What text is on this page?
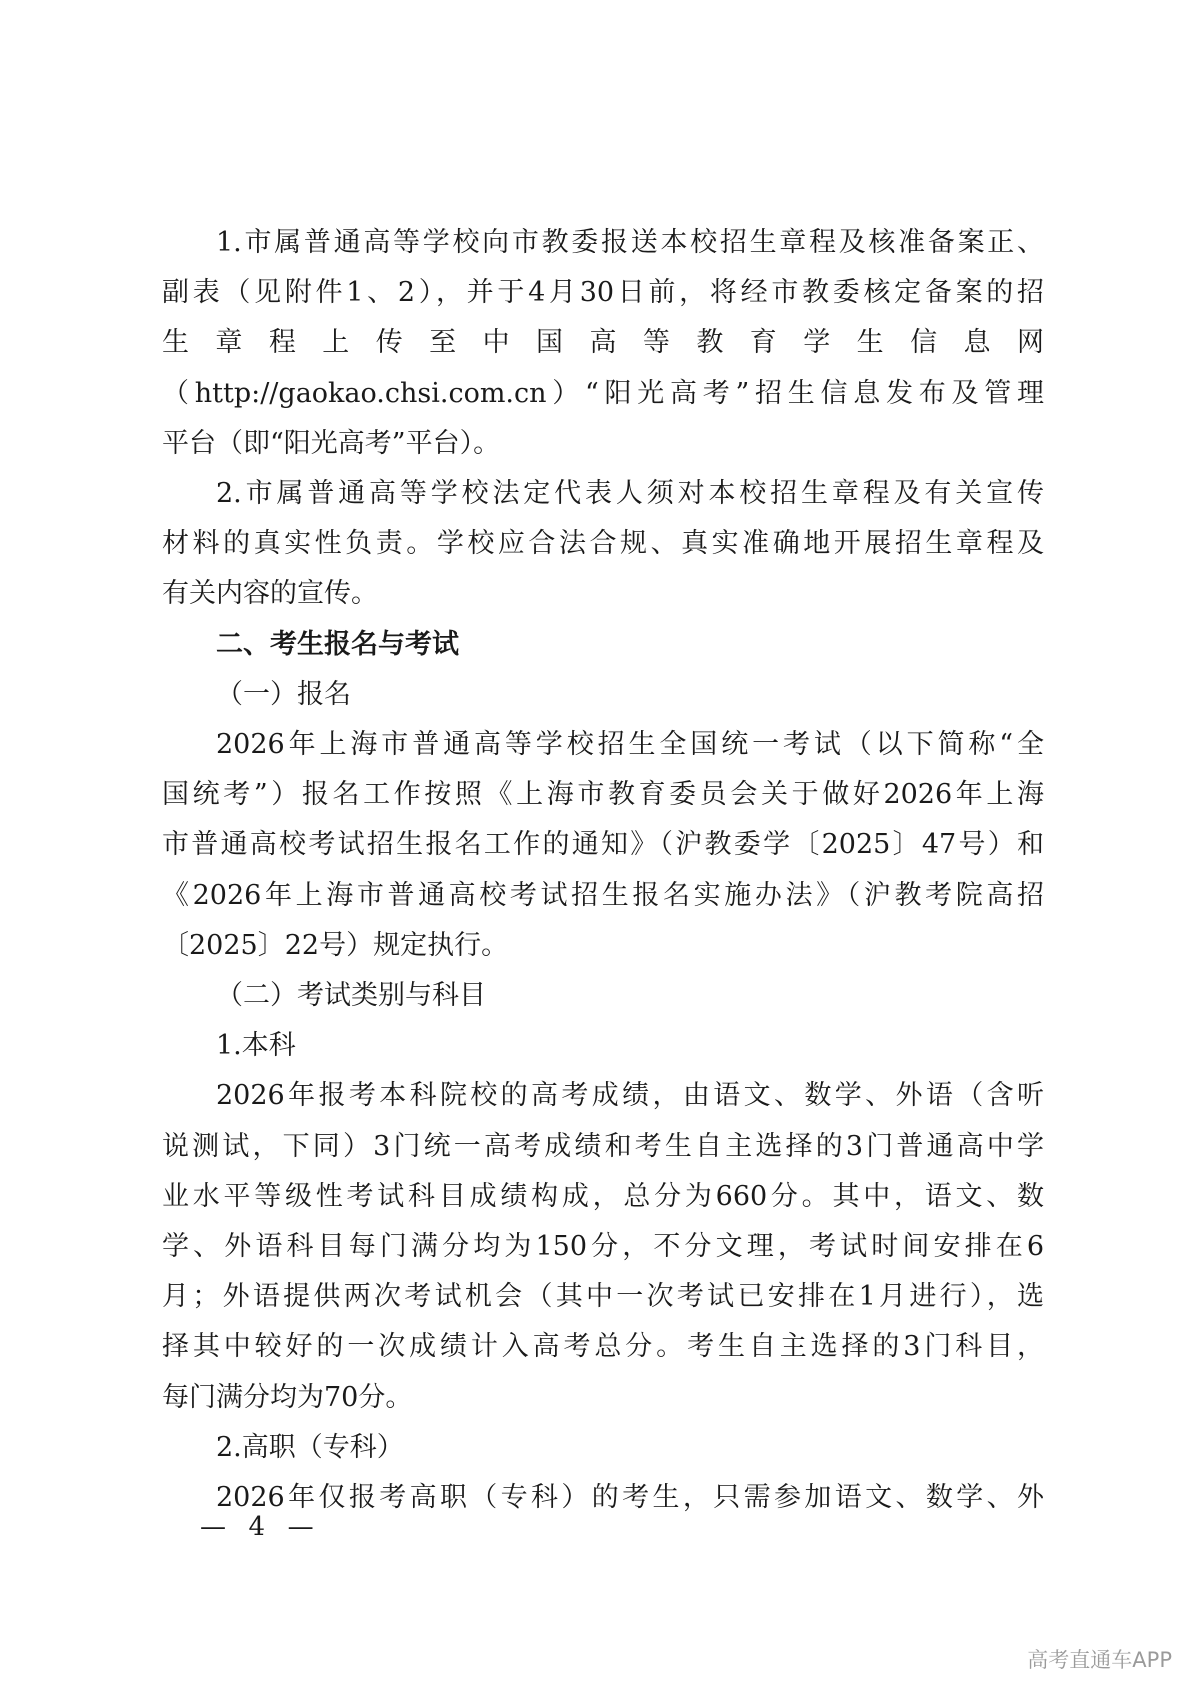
1.市属普通高等学校向市教委报送本校招生章程及核准备案正、

副表（见附件1、2），并于4月30日前，将经市教委核定备案的招

生章程上传至中国高等教育学生信息网

（http://gaokao.chsi.com.cn）“阳光高考”招生信息发布及管理

平台（即“阳光高考”平台）。

2.市属普通高等学校法定代表人须对本校招生章程及有关宣传

材料的真实性负责。学校应合法合规、真实准确地开展招生章程及

有关内容的宣传。

二、考生报名与考试

（一）报名

2026年上海市普通高等学校招生全国统一考试（以下简称“全

国统考”）报名工作按照《上海市教育委员会关于做好2026年上海

市普通高校考试招生报名工作的通知》（沪教委学〔2025〕47号）和

《2026年上海市普通高校考试招生报名实施办法》（沪教考院高招

〔2025〕22号）规定执行。

（二）考试类别与科目

1.本科

2026年报考本科院校的高考成绩，由语文、数学、外语（含听

说测试，下同）3门统一高考成绩和考生自主选择的3门普通高中学

业水平等级性考试科目成绩构成，总分为660分。其中，语文、数

学、外语科目每门满分均为150分，不分文理，考试时间安排在6

月；外语提供两次考试机会（其中一次考试已安排在1月进行），选

择其中较好的一次成绩计入高考总分。考生自主选择的3门科目，

每门满分均为70分。

2.高职（专科）

2026年仅报考高职（专科）的考生，只需参加语文、数学、外

—  4  —
高考直通车APP
